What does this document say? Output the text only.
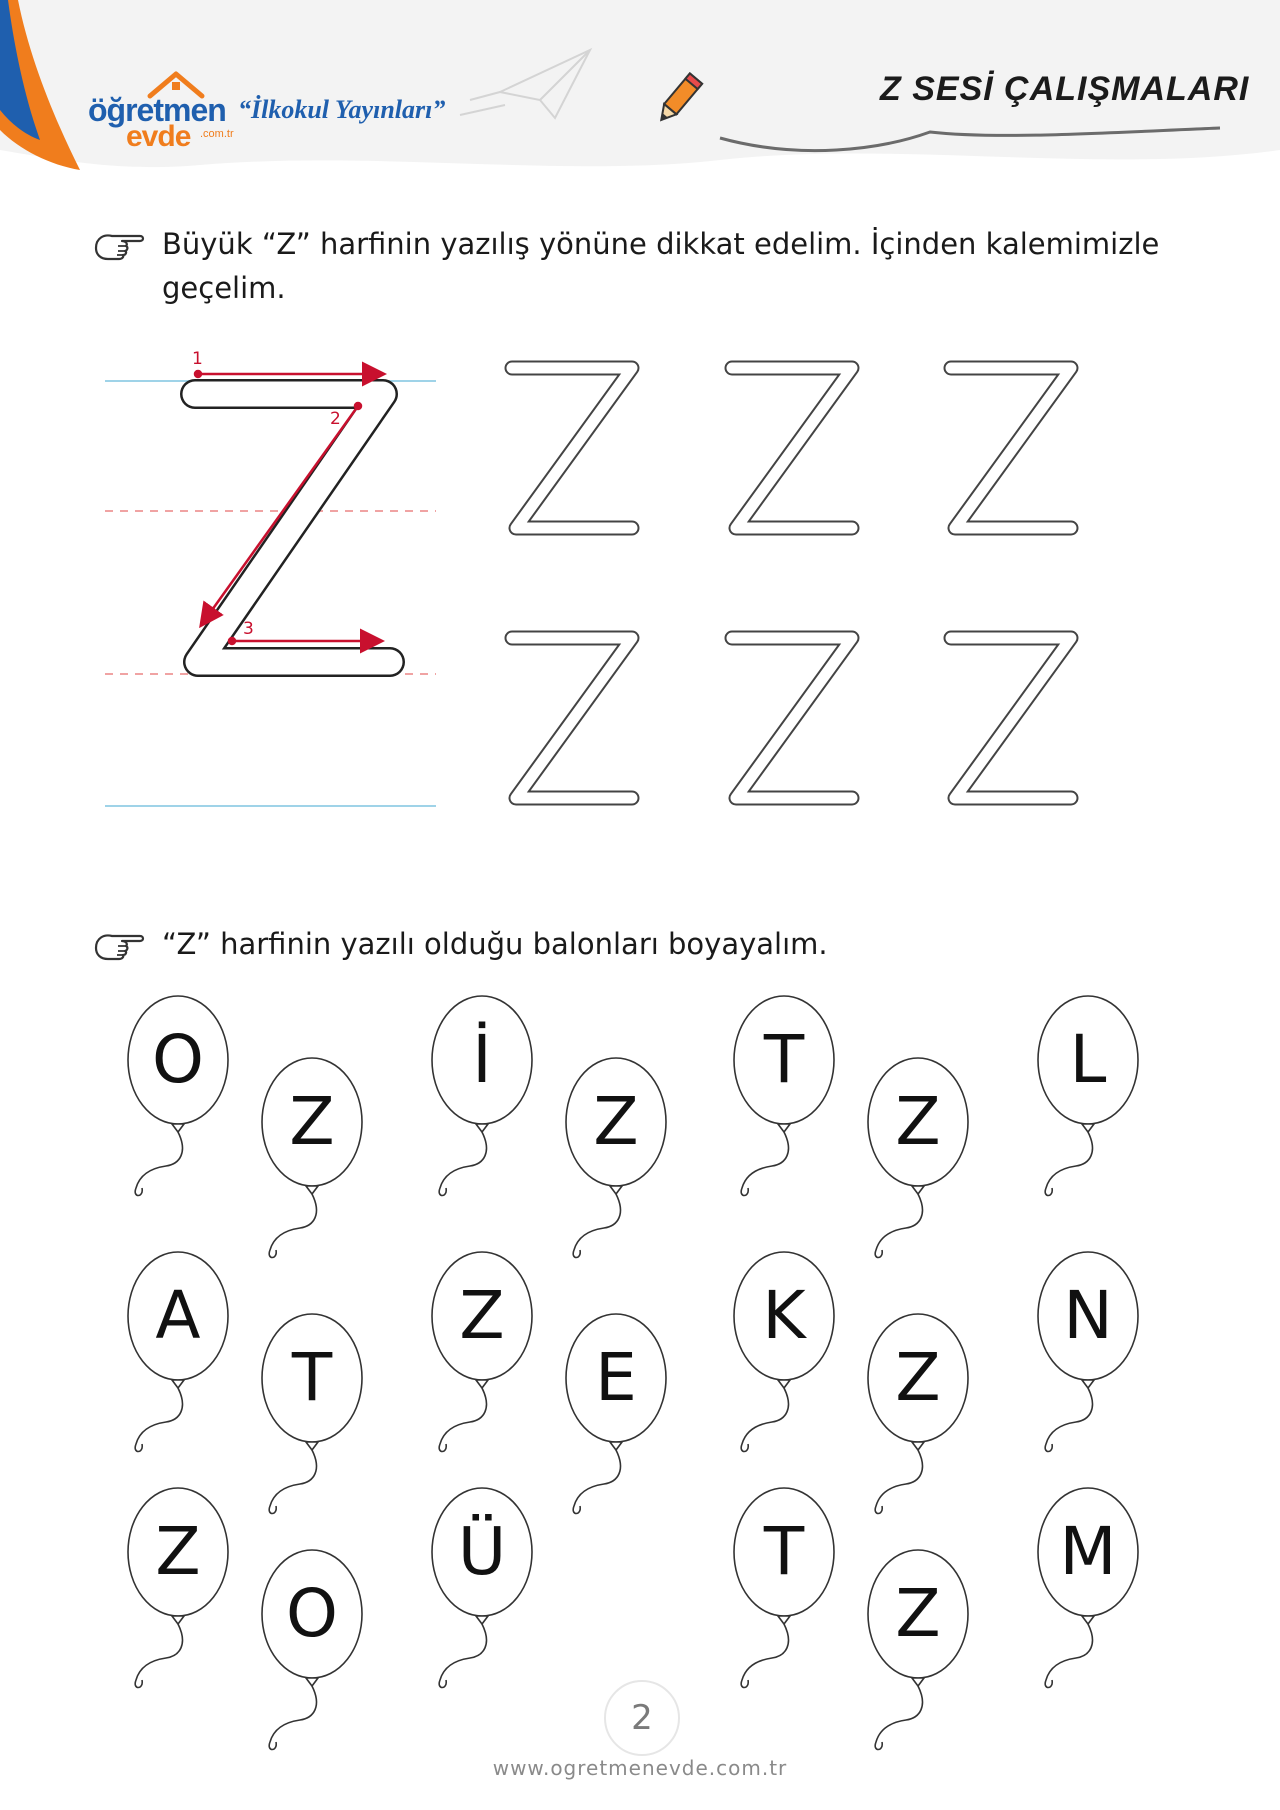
öğretmen
evde .com.tr
“İlkokul Yayınları”
Z SESİ ÇALIŞMALARI
Büyük “Z” harfinin yazılış yönüne dikkat edelim. İçinden kalemimizle geçelim.
1
2
3
“Z” harfinin yazılı olduğu balonları boyayalım.
O
Z
İ
Z
T
Z
L
A
T
Z
E
K
Z
N
Z
O
Ü	T
Z
M
2
www.ogretmenevde.com.tr
